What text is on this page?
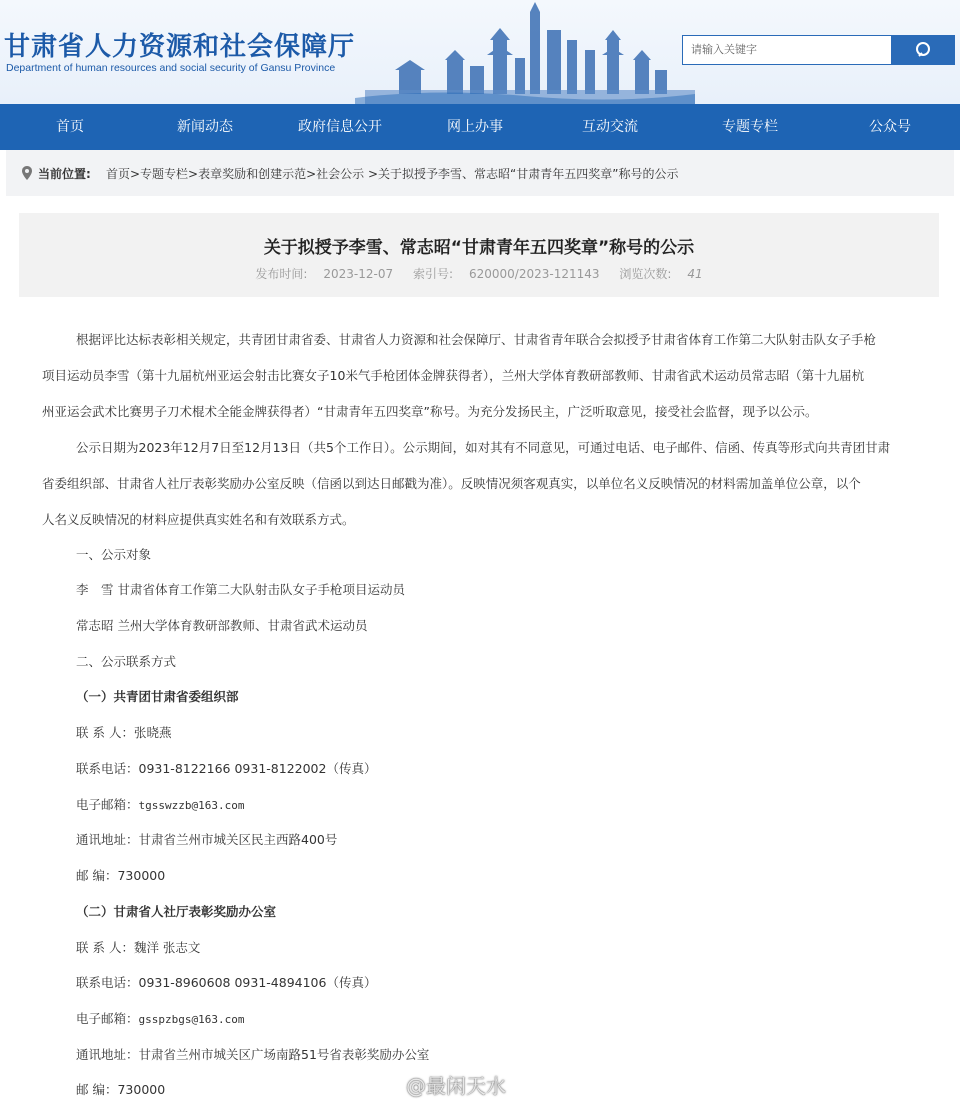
甘肃省人力资源和社会保障厅
Department of human resources and social security of Gansu Province
请输入关键字
首页	新闻动态	政府信息公开	网上办事	互动交流	专题专栏	公众号
当前位置: 首页>专题专栏>表章奖励和创建示范>社会公示 >关于拟授予李雪、常志昭“甘肃青年五四奖章”称号的公示
关于拟授予李雪、常志昭“甘肃青年五四奖章”称号的公示
发布时间: 2023-12-07 索引号: 620000/2023-121143 浏览次数: 41
根据评比达标表彰相关规定，共青团甘肃省委、甘肃省人力资源和社会保障厅、甘肃省青年联合会拟授予甘肃省体育工作第二大队射击队女子手枪
项目运动员李雪（第十九届杭州亚运会射击比赛女子10米气手枪团体金牌获得者），兰州大学体育教研部教师、甘肃省武术运动员常志昭（第十九届杭
州亚运会武术比赛男子刀术棍术全能金牌获得者）“甘肃青年五四奖章”称号。为充分发扬民主，广泛听取意见，接受社会监督，现予以公示。
公示日期为2023年12月7日至12月13日（共5个工作日）。公示期间，如对其有不同意见，可通过电话、电子邮件、信函、传真等形式向共青团甘肃
省委组织部、甘肃省人社厅表彰奖励办公室反映（信函以到达日邮戳为准）。反映情况须客观真实，以单位名义反映情况的材料需加盖单位公章，以个
人名义反映情况的材料应提供真实姓名和有效联系方式。
一、公示对象
李　雪 甘肃省体育工作第二大队射击队女子手枪项目运动员
常志昭 兰州大学体育教研部教师、甘肃省武术运动员
二、公示联系方式
（一）共青团甘肃省委组织部
联 系 人：张晓燕
联系电话：0931-8122166 0931-8122002（传真）
电子邮箱：tgsswzzb@163.com
通讯地址：甘肃省兰州市城关区民主西路400号
邮 编：730000
（二）甘肃省人社厅表彰奖励办公室
联 系 人：魏洋 张志文
联系电话：0931-8960608 0931-4894106（传真）
电子邮箱：gsspzbgs@163.com
通讯地址：甘肃省兰州市城关区广场南路51号省表彰奖励办公室
邮 编：730000	@最闲天水
